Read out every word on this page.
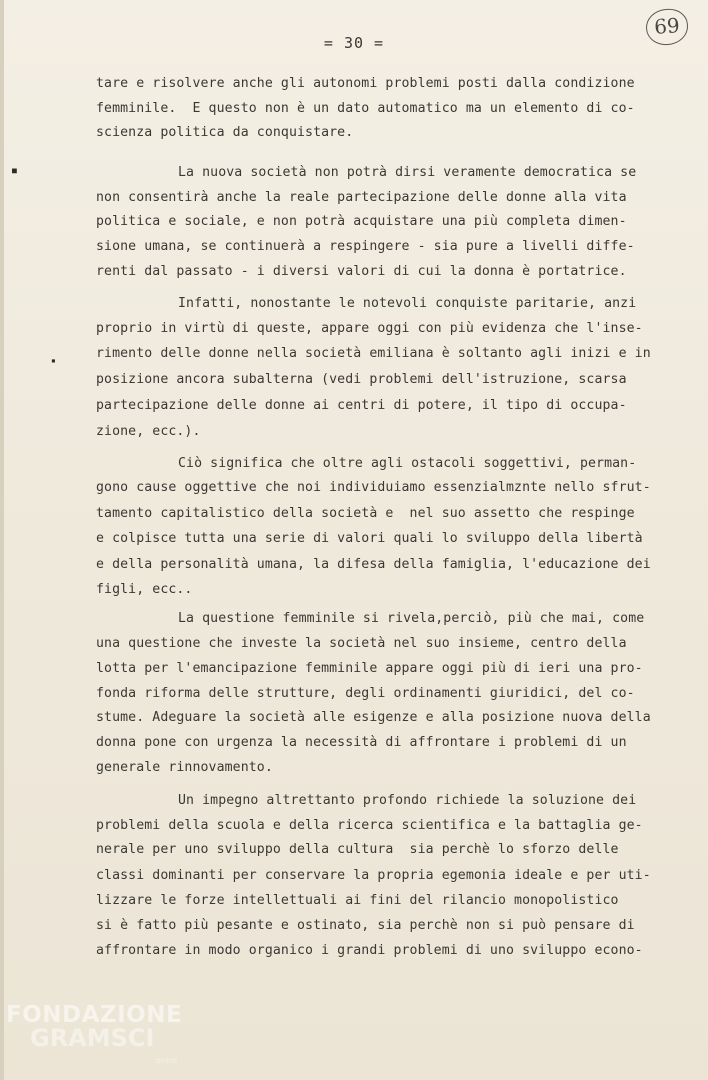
= 30 =
69
■
▪
tare e risolvere anche gli autonomi problemi posti dalla condizione
femminile.  E questo non è un dato automatico ma un elemento di co-
scienza politica da conquistare.
La nuova società non potrà dirsi veramente democratica se
non consentirà anche la reale partecipazione delle donne alla vita
politica e sociale, e non potrà acquistare una più completa dimen-
sione umana, se continuerà a respingere - sia pure a livelli diffe-
renti dal passato - i diversi valori di cui la donna è portatrice.
Infatti, nonostante le notevoli conquiste paritarie, anzi
proprio in virtù di queste, appare oggi con più evidenza che l'inse-
rimento delle donne nella società emiliana è soltanto agli inizi e in
posizione ancora subalterna (vedi problemi dell'istruzione, scarsa
partecipazione delle donne ai centri di potere, il tipo di occupa-
zione, ecc.).
Ciò significa che oltre agli ostacoli soggettivi, perman-
gono cause oggettive che noi individuiamo essenzialmznte nello sfrut-
tamento capitalistico della società e  nel suo assetto che respinge
e colpisce tutta una serie di valori quali lo sviluppo della libertà
e della personalità umana, la difesa della famiglia, l'educazione dei
figli, ecc..
La questione femminile si rivela,perciò, più che mai, come
una questione che investe la società nel suo insieme, centro della
lotta per l'emancipazione femminile appare oggi più di ieri una pro-
fonda riforma delle strutture, degli ordinamenti giuridici, del co-
stume. Adeguare la società alle esigenze e alla posizione nuova della
donna pone con urgenza la necessità di affrontare i problemi di un
generale rinnovamento.
Un impegno altrettanto profondo richiede la soluzione dei
problemi della scuola e della ricerca scientifica e la battaglia ge-
nerale per uno sviluppo della cultura  sia perchè lo sforzo delle
classi dominanti per conservare la propria egemonia ideale e per uti-
lizzare le forze intellettuali ai fini del rilancio monopolistico
si è fatto più pesante e ostinato, sia perchè non si può pensare di
affrontare in modo organico i grandi problemi di uno sviluppo econo-
FONDAZIONE
GRAMSCI
onlus
